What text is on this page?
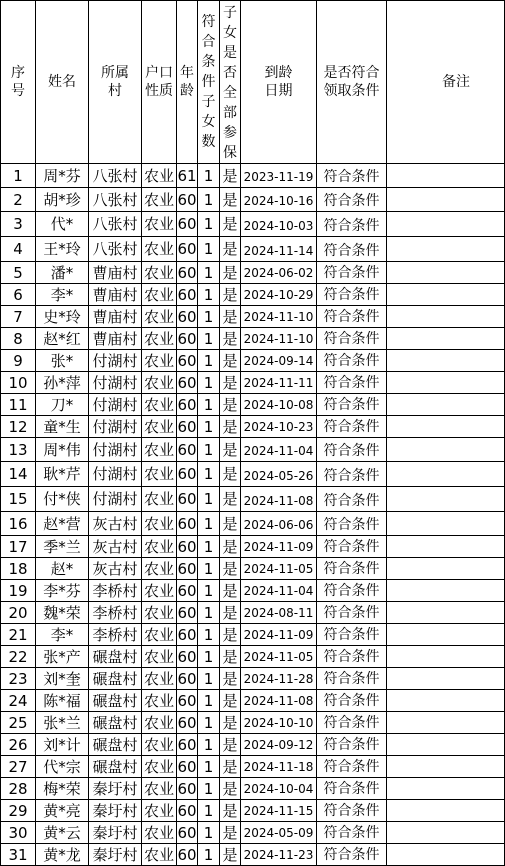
序号	姓名	所属村	户口性质	年龄	符合条件子女数	子女是否全部参保	到龄日期	是否符合领取条件	备注
1	周*芬	八张村	农业	61	1	是	2023-11-19	符合条件	
2	胡*珍	八张村	农业	60	1	是	2024-10-16	符合条件	
3	代*	八张村	农业	60	1	是	2024-10-03	符合条件	
4	王*玲	八张村	农业	60	1	是	2024-11-14	符合条件	
5	潘*	曹庙村	农业	60	1	是	2024-06-02	符合条件	
6	李*	曹庙村	农业	60	1	是	2024-10-29	符合条件	
7	史*玲	曹庙村	农业	60	1	是	2024-11-10	符合条件	
8	赵*红	曹庙村	农业	60	1	是	2024-11-10	符合条件	
9	张*	付湖村	农业	60	1	是	2024-09-14	符合条件	
10	孙*萍	付湖村	农业	60	1	是	2024-11-11	符合条件	
11	刀*	付湖村	农业	60	1	是	2024-10-08	符合条件	
12	童*生	付湖村	农业	60	1	是	2024-10-23	符合条件	
13	周*伟	付湖村	农业	60	1	是	2024-11-04	符合条件	
14	耿*芹	付湖村	农业	60	1	是	2024-05-26	符合条件	
15	付*侠	付湖村	农业	60	1	是	2024-11-08	符合条件	
16	赵*营	灰古村	农业	60	1	是	2024-06-06	符合条件	
17	季*兰	灰古村	农业	60	1	是	2024-11-09	符合条件	
18	赵*	灰古村	农业	60	1	是	2024-11-05	符合条件	
19	李*芬	李桥村	农业	60	1	是	2024-11-04	符合条件	
20	魏*荣	李桥村	农业	60	1	是	2024-08-11	符合条件	
21	李*	李桥村	农业	60	1	是	2024-11-09	符合条件	
22	张*产	碾盘村	农业	60	1	是	2024-11-05	符合条件	
23	刘*奎	碾盘村	农业	60	1	是	2024-11-28	符合条件	
24	陈*福	碾盘村	农业	60	1	是	2024-11-08	符合条件	
25	张*兰	碾盘村	农业	60	1	是	2024-10-10	符合条件	
26	刘*计	碾盘村	农业	60	1	是	2024-09-12	符合条件	
27	代*宗	碾盘村	农业	60	1	是	2024-11-18	符合条件	
28	梅*荣	秦圩村	农业	60	1	是	2024-10-04	符合条件	
29	黄*亮	秦圩村	农业	60	1	是	2024-11-15	符合条件	
30	黄*云	秦圩村	农业	60	1	是	2024-05-09	符合条件	
31	黄*龙	秦圩村	农业	60	1	是	2024-11-23	符合条件	
